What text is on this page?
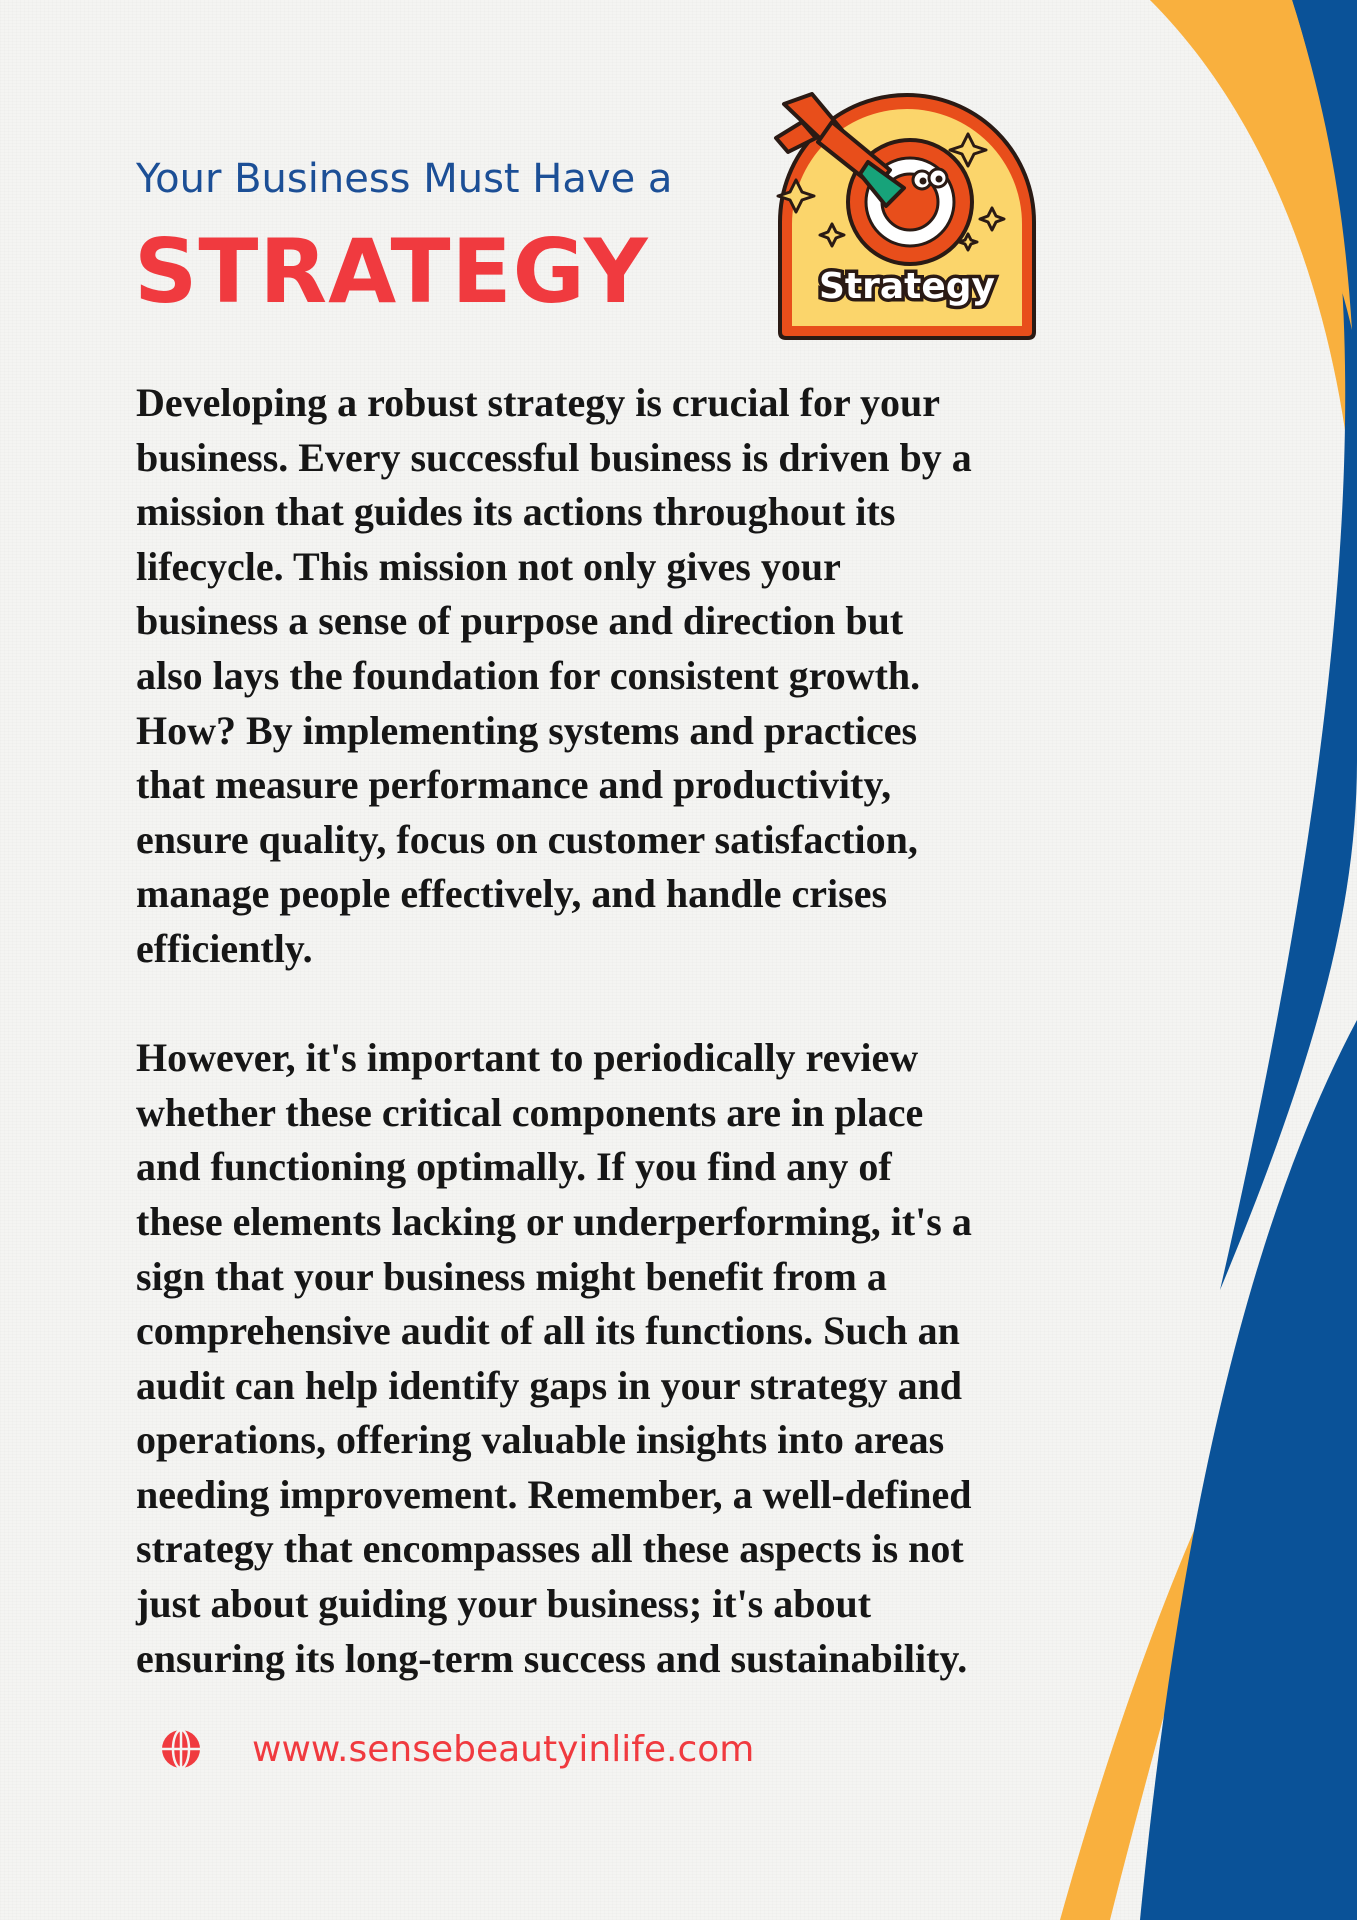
Your Business Must Have a
STRATEGY	Strategy

Developing a robust strategy is crucial for your
business. Every successful business is driven by a
mission that guides its actions throughout its
lifecycle. This mission not only gives your
business a sense of purpose and direction but
also lays the foundation for consistent growth.
How? By implementing systems and practices
that measure performance and productivity,
ensure quality, focus on customer satisfaction,
manage people effectively, and handle crises
efficiently.

However, it's important to periodically review
whether these critical components are in place
and functioning optimally. If you find any of
these elements lacking or underperforming, it's a
sign that your business might benefit from a
comprehensive audit of all its functions. Such an
audit can help identify gaps in your strategy and
operations, offering valuable insights into areas
needing improvement. Remember, a well-defined
strategy that encompasses all these aspects is not
just about guiding your business; it's about
ensuring its long-term success and sustainability.

www.sensebeautyinlife.com
